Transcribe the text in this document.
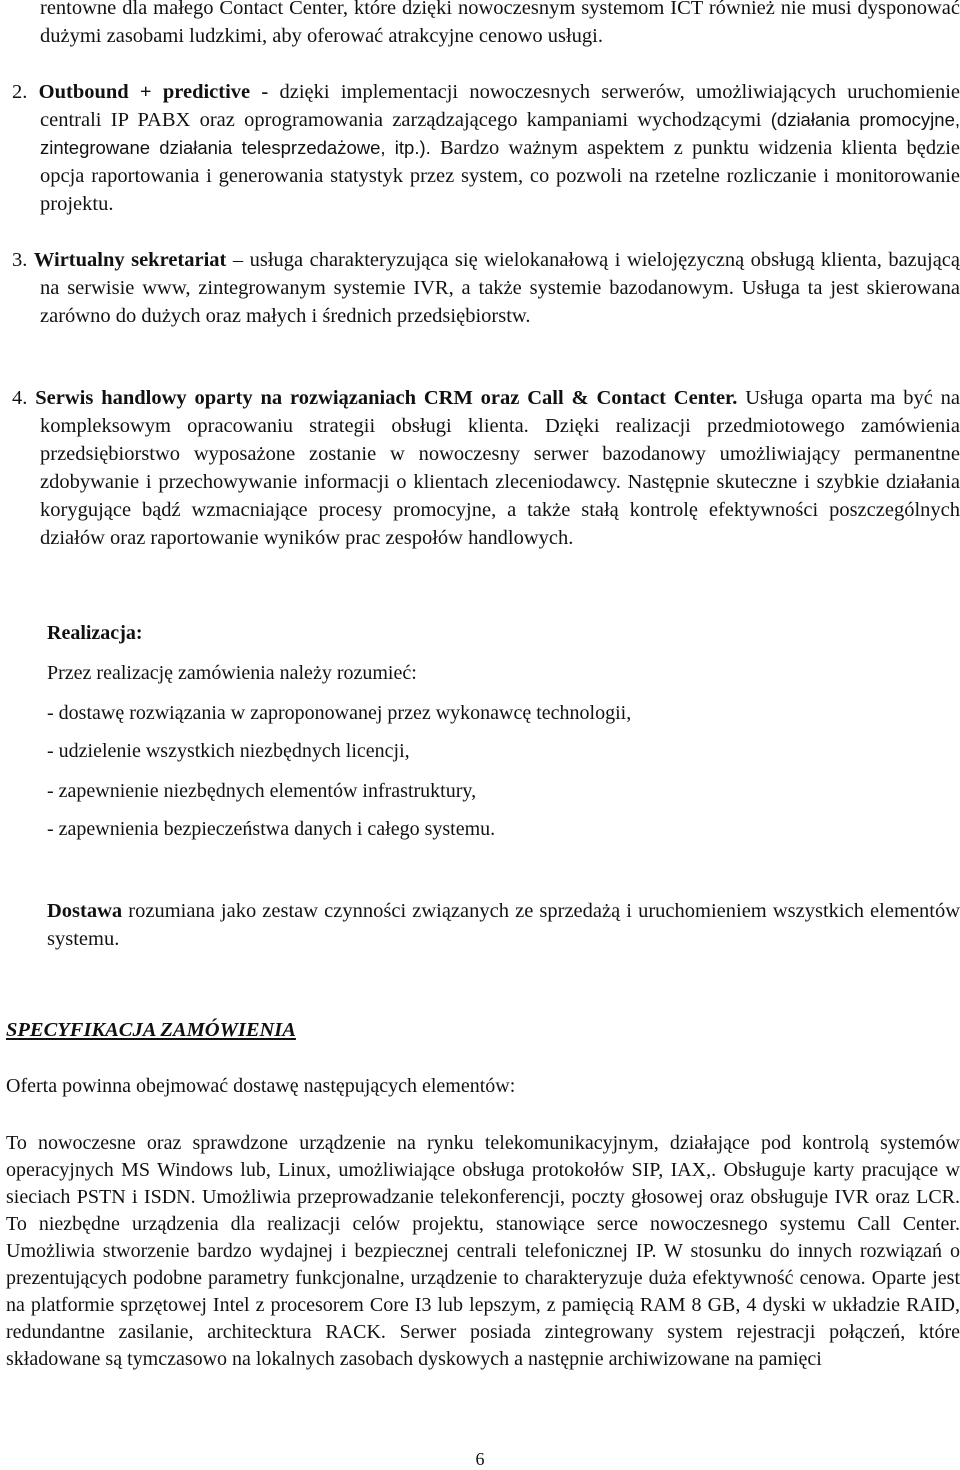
rentowne dla małego Contact Center, które dzięki nowoczesnym systemom ICT również nie musi dysponować dużymi zasobami ludzkimi, aby oferować atrakcyjne cenowo usługi.
2. Outbound + predictive - dzięki implementacji nowoczesnych serwerów, umożliwiających uruchomienie centrali IP PABX oraz oprogramowania zarządzającego kampaniami wychodzącymi (działania promocyjne, zintegrowane działania telesprzedażowe, itp.). Bardzo ważnym aspektem z punktu widzenia klienta będzie opcja raportowania i generowania statystyk przez system, co pozwoli na rzetelne rozliczanie i monitorowanie projektu.
3. Wirtualny sekretariat – usługa charakteryzująca się wielokanałową i wielojęzyczną obsługą klienta, bazującą na serwisie www, zintegrowanym systemie IVR, a także systemie bazodanowym. Usługa ta jest skierowana zarówno do dużych oraz małych i średnich przedsiębiorstw.
4. Serwis handlowy oparty na rozwiązaniach CRM oraz Call & Contact Center. Usługa oparta ma być na kompleksowym opracowaniu strategii obsługi klienta. Dzięki realizacji przedmiotowego zamówienia przedsiębiorstwo wyposażone zostanie w nowoczesny serwer bazodanowy umożliwiający permanentne zdobywanie i przechowywanie informacji o klientach zleceniodawcy. Następnie skuteczne i szybkie działania korygujące bądź wzmacniające procesy promocyjne, a także stałą kontrolę efektywności poszczególnych działów oraz raportowanie wyników prac zespołów handlowych.
Realizacja:
Przez realizację zamówienia należy rozumieć:
- dostawę rozwiązania w zaproponowanej przez wykonawcę technologii,
- udzielenie wszystkich niezbędnych licencji,
- zapewnienie niezbędnych elementów infrastruktury,
- zapewnienia bezpieczeństwa danych i całego systemu.
Dostawa rozumiana jako zestaw czynności związanych ze sprzedażą i uruchomieniem wszystkich elementów systemu.
SPECYFIKACJA ZAMÓWIENIA
Oferta powinna obejmować dostawę następujących elementów:
To nowoczesne oraz sprawdzone urządzenie na rynku telekomunikacyjnym, działające pod kontrolą systemów operacyjnych MS Windows lub, Linux, umożliwiające obsługa protokołów SIP, IAX,. Obsługuje karty pracujące w sieciach PSTN i ISDN. Umożliwia przeprowadzanie telekonferencji, poczty głosowej oraz obsługuje IVR oraz LCR. To niezbędne urządzenia dla realizacji celów projektu, stanowiące serce nowoczesnego systemu Call Center. Umożliwia stworzenie bardzo wydajnej i bezpiecznej centrali telefonicznej IP. W stosunku do innych rozwiązań o prezentujących podobne parametry funkcjonalne, urządzenie to charakteryzuje duża efektywność cenowa. Oparte jest na platformie sprzętowej Intel z procesorem Core I3 lub lepszym, z pamięcią RAM 8 GB, 4 dyski w układzie RAID, redundantne zasilanie, architecktura RACK. Serwer posiada zintegrowany system rejestracji połączeń, które składowane są tymczasowo na lokalnych zasobach dyskowych a następnie archiwizowane na pamięci
6
